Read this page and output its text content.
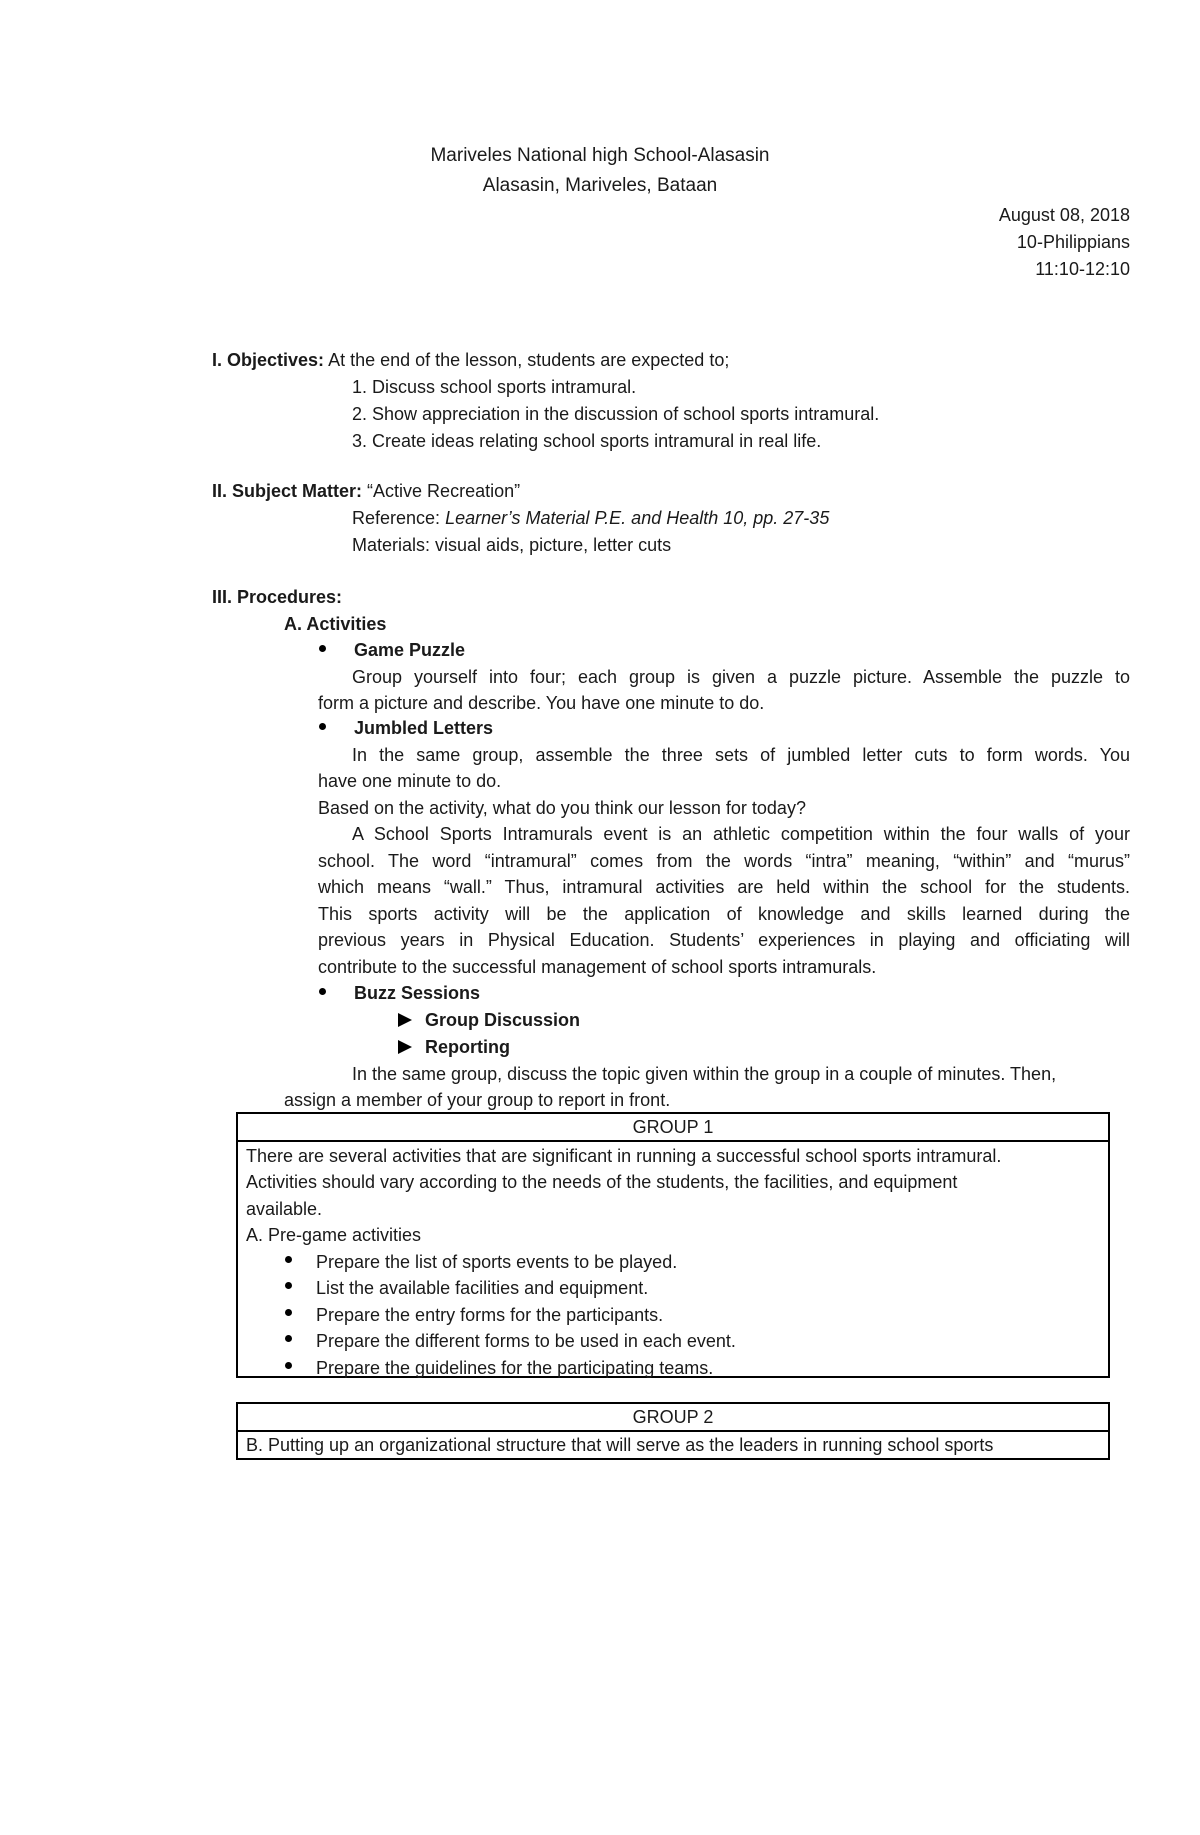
Mariveles National high School-Alasasin
Alasasin, Mariveles, Bataan
August 08, 2018
10-Philippians
11:10-12:10
I. Objectives: At the end of the lesson, students are expected to;
1. Discuss school sports intramural.
2. Show appreciation in the discussion of school sports intramural.
3. Create ideas relating school sports intramural in real life.
II. Subject Matter: “Active Recreation”
Reference: Learner’s Material P.E. and Health 10, pp. 27-35
Materials: visual aids, picture, letter cuts
III. Procedures:
A. Activities
Game Puzzle
Group yourself into four; each group is given a puzzle picture. Assemble the puzzle to
form a picture and describe. You have one minute to do.
Jumbled Letters
In the same group, assemble the three sets of jumbled letter cuts to form words. You
have one minute to do.
Based on the activity, what do you think our lesson for today?
A School Sports Intramurals event is an athletic competition within the four walls of your
school. The word “intramural” comes from the words “intra” meaning, “within” and “murus”
which means “wall.” Thus, intramural activities are held within the school for the students.
This sports activity will be the application of knowledge and skills learned during the
previous years in Physical Education. Students’ experiences in playing and officiating will
contribute to the successful management of school sports intramurals.
Buzz Sessions
Group Discussion
Reporting
In the same group, discuss the topic given within the group in a couple of minutes. Then,
assign a member of your group to report in front.
GROUP 1
There are several activities that are significant in running a successful school sports intramural.
Activities should vary according to the needs of the students, the facilities, and equipment
available.
A. Pre-game activities
Prepare the list of sports events to be played.
List the available facilities and equipment.
Prepare the entry forms for the participants.
Prepare the different forms to be used in each event.
Prepare the guidelines for the participating teams.
GROUP 2
B. Putting up an organizational structure that will serve as the leaders in running school sports
